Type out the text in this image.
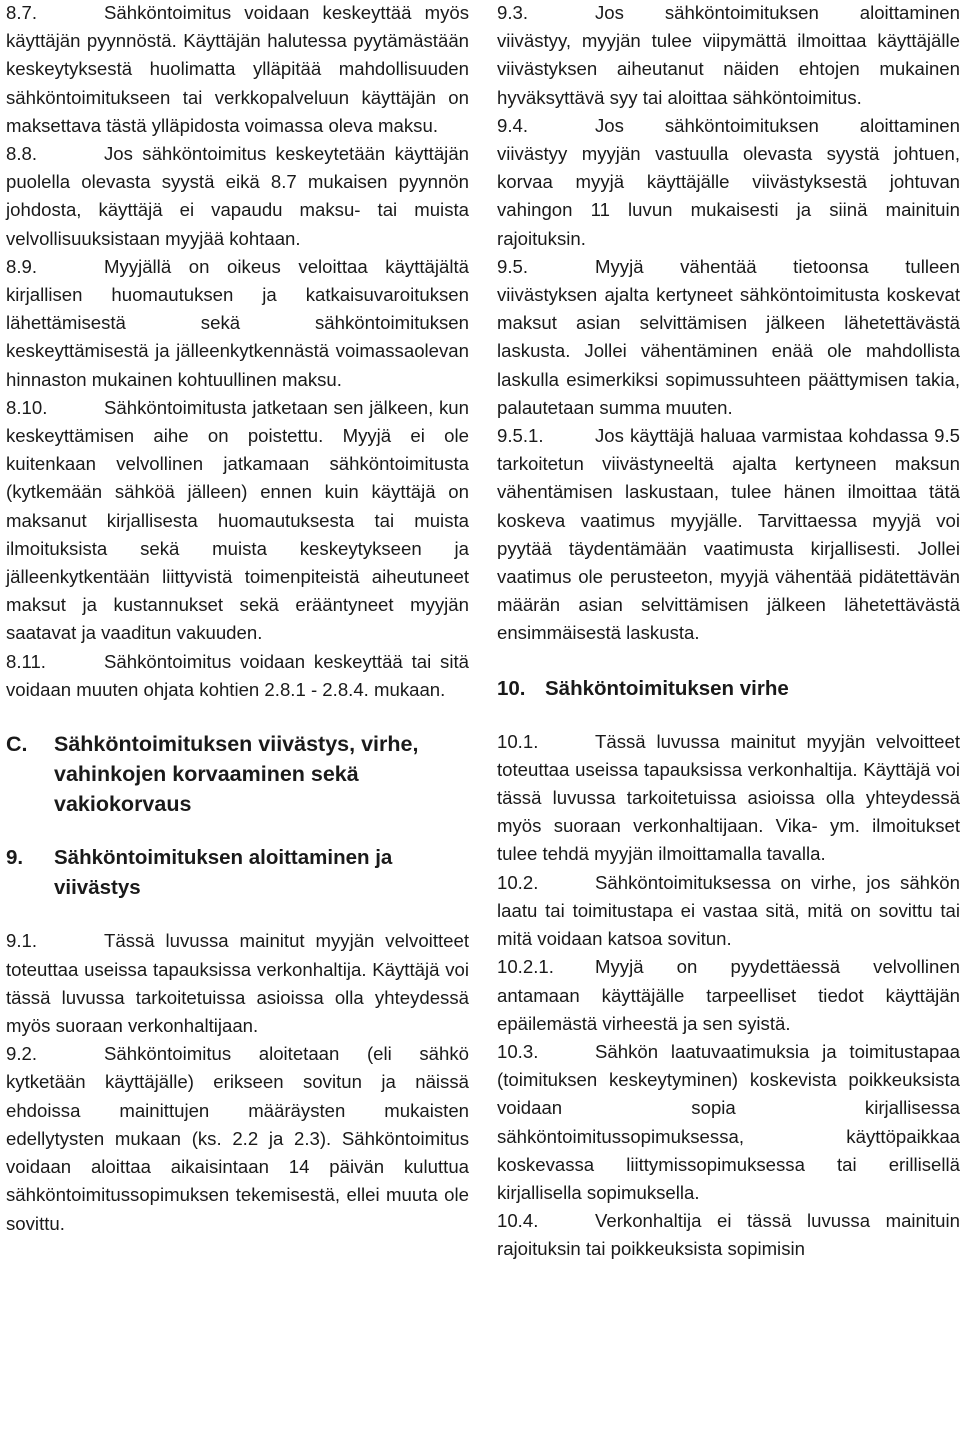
8.7.	Sähköntoimitus voidaan keskeyttää myös käyttäjän pyynnöstä. Käyttäjän halutessa pyytämästään keskeytyksestä huolimatta ylläpitää mahdollisuuden sähköntoimitukseen tai verkkopalveluun käyttäjän on maksettava tästä ylläpidosta voimassa oleva maksu.

8.8.	Jos sähköntoimitus keskeytetään käyttäjän puolella olevasta syystä eikä 8.7 mukaisen pyynnön johdosta, käyttäjä ei vapaudu maksu- tai muista velvollisuuksistaan myyjää kohtaan.

8.9.	Myyjällä on oikeus veloittaa käyttäjältä kirjallisen huomautuksen ja katkaisuvaroituksen lähettämisestä sekä sähköntoimituksen keskeyttämisestä ja jälleenkytkennästä voimassaolevan hinnaston mukainen kohtuullinen maksu.

8.10.	Sähköntoimitusta jatketaan sen jälkeen, kun keskeyttämisen aihe on poistettu. Myyjä ei ole kuitenkaan velvollinen jatkamaan sähköntoimitusta (kytkemään sähköä jälleen) ennen kuin käyttäjä on maksanut kirjallisesta huomautuksesta tai muista ilmoituksista sekä muista keskeytykseen ja jälleenkytkentään liittyvistä toimenpiteistä aiheutuneet maksut ja kustannukset sekä erääntyneet myyjän saatavat ja vaaditun vakuuden.

8.11.	Sähköntoimitus voidaan keskeyttää tai sitä voidaan muuten ohjata kohtien 2.8.1 - 2.8.4. mukaan.

C.	Sähköntoimituksen viivästys, virhe, vahinkojen korvaaminen sekä vakiokorvaus
9.	Sähköntoimituksen aloittaminen ja viivästys

9.1.	Tässä luvussa mainitut myyjän velvoitteet toteuttaa useissa tapauksissa verkonhaltija. Käyttäjä voi tässä luvussa tarkoitetuissa asioissa olla yhteydessä myös suoraan verkonhaltijaan.

9.2.	Sähköntoimitus aloitetaan (eli sähkö kytketään käyttäjälle) erikseen sovitun ja näissä ehdoissa mainittujen määräysten mukaisten edellytysten mukaan (ks. 2.2 ja 2.3). Sähköntoimitus voidaan aloittaa aikaisintaan 14 päivän kuluttua sähköntoimitussopimuksen tekemisestä, ellei muuta ole sovittu.

9.3.	Jos sähköntoimituksen aloittaminen viivästyy, myyjän tulee viipymättä ilmoittaa käyttäjälle viivästyksen aiheutanut näiden ehtojen mukainen hyväksyttävä syy tai aloittaa sähköntoimitus.

9.4.	Jos sähköntoimituksen aloittaminen viivästyy myyjän vastuulla olevasta syystä johtuen, korvaa myyjä käyttäjälle viivästyksestä johtuvan vahingon 11 luvun mukaisesti ja siinä mainituin rajoituksin.

9.5.	Myyjä vähentää tietoonsa tulleen viivästyksen ajalta kertyneet sähköntoimitusta koskevat maksut asian selvittämisen jälkeen lähetettävästä laskusta. Jollei vähentäminen enää ole mahdollista laskulla esimerkiksi sopimussuhteen päättymisen takia, palautetaan summa muuten.

9.5.1.	Jos käyttäjä haluaa varmistaa kohdassa 9.5 tarkoitetun viivästyneeltä ajalta kertyneen maksun vähentämisen laskustaan, tulee hänen ilmoittaa tätä koskeva vaatimus myyjälle. Tarvittaessa myyjä voi pyytää täydentämään vaatimusta kirjallisesti. Jollei vaatimus ole perusteeton, myyjä vähentää pidätettävän määrän asian selvittämisen jälkeen lähetettävästä ensimmäisestä laskusta.

10. Sähköntoimituksen virhe

10.1.	Tässä luvussa mainitut myyjän velvoitteet toteuttaa useissa tapauksissa verkonhaltija. Käyttäjä voi tässä luvussa tarkoitetuissa asioissa olla yhteydessä myös suoraan verkonhaltijaan. Vika- ym. ilmoitukset tulee tehdä myyjän ilmoittamalla tavalla.

10.2.	Sähköntoimituksessa on virhe, jos sähkön laatu tai toimitustapa ei vastaa sitä, mitä on sovittu tai mitä voidaan katsoa sovitun.

10.2.1. Myyjä on pyydettäessä velvollinen antamaan käyttäjälle tarpeelliset tiedot käyttäjän epäilemästä virheestä ja sen syistä.

10.3.	Sähkön laatuvaatimuksia ja toimitustapaa (toimituksen keskeytyminen) koskevista poikkeuksista voidaan sopia kirjallisessa sähköntoimitussopimuksessa, käyttöpaikkaa koskevassa liittymissopimuksessa tai erillisellä kirjallisella sopimuksella.

10.4.	Verkonhaltija ei tässä luvussa mainituin rajoituksin tai poikkeuksista sopimisin
